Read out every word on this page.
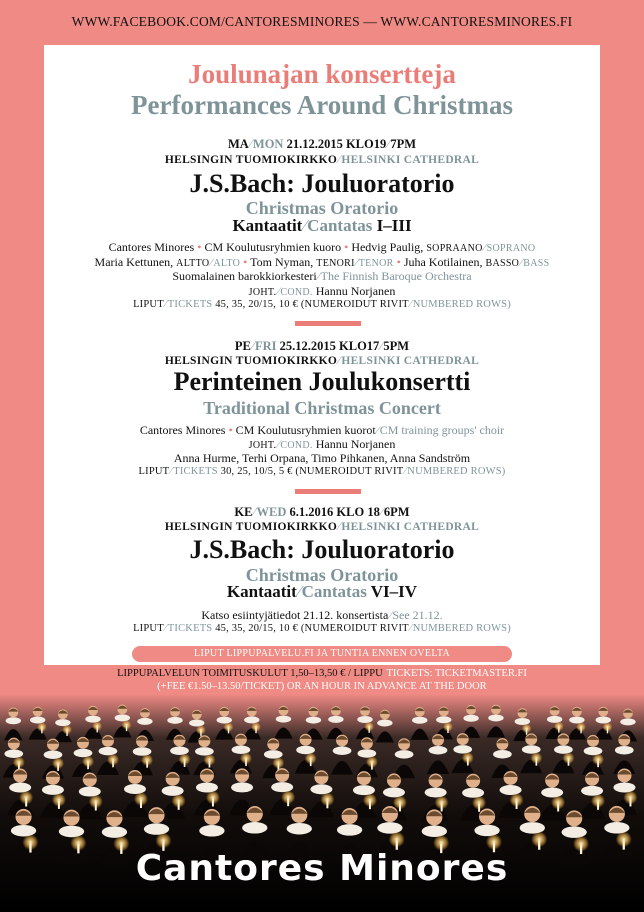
WWW.FACEBOOK.COM/CANTORESMINORES — WWW.CANTORESMINORES.FI
Joulunajan konsertteja
Performances Around Christmas
MA⁄MON 21.12.2015 KLO19⁄7PM
HELSINGIN TUOMIOKIRKKO⁄HELSINKI CATHEDRAL
J.S.Bach: Jouluoratorio
Christmas Oratorio
Kantaatit⁄Cantatas I–III
Cantores Minores • CM Koulutusryhmien kuoro • Hedvig Paulig, SOPRAANO⁄SOPRANO
Maria Kettunen, ALTTO⁄ALTO • Tom Nyman, TENORI⁄TENOR • Juha Kotilainen, BASSO⁄BASS
Suomalainen barokkiorkesteri⁄The Finnish Baroque Orchestra
JOHT.⁄COND. Hannu Norjanen
LIPUT⁄TICKETS 45, 35, 20/15, 10 € (NUMEROIDUT RIVIT⁄NUMBERED ROWS)
PE⁄FRI 25.12.2015 KLO17⁄5PM
HELSINGIN TUOMIOKIRKKO⁄HELSINKI CATHEDRAL
Perinteinen Joulukonsertti
Traditional Christmas Concert
Cantores Minores • CM Koulutusryhmien kuorot⁄CM training groups' choir
JOHT.⁄COND. Hannu Norjanen
Anna Hurme, Terhi Orpana, Timo Pihkanen, Anna Sandström
LIPUT⁄TICKETS 30, 25, 10/5, 5 € (NUMEROIDUT RIVIT⁄NUMBERED ROWS)
KE⁄WED 6.1.2016 KLO 18⁄6PM
HELSINGIN TUOMIOKIRKKO⁄HELSINKI CATHEDRAL
J.S.Bach: Jouluoratorio
Christmas Oratorio
Kantaatit⁄Cantatas VI–IV
Katso esiintyjätiedot 21.12. konsertista⁄See 21.12.
LIPUT⁄TICKETS 45, 35, 20/15, 10 € (NUMEROIDUT RIVIT⁄NUMBERED ROWS)
LIPUT LIPPUPALVELU.FI JA TUNTIA ENNEN OVELTA
LIPPUPALVELUN TOIMITUSKULUT 1,50–13,50 € / LIPPU⁄TICKETS: TICKETMASTER.FI
(+FEE €1.50–13.50/TICKET) OR AN HOUR IN ADVANCE AT THE DOOR
Cantores Minores
